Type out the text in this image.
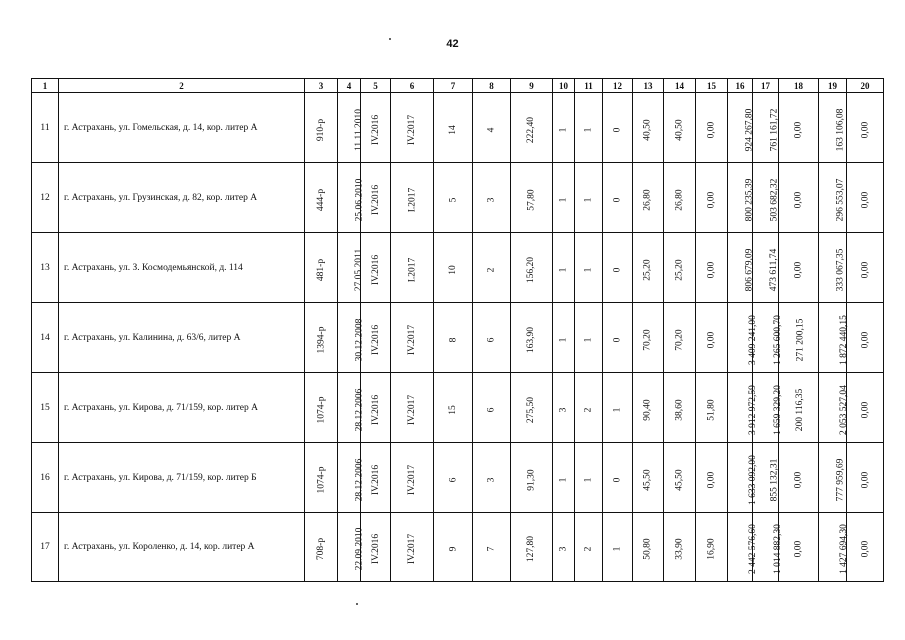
42
1	2	3	4	5	6	7	8	9	10	11	12	13	14	15	16	17	18	19	20
11	г. Астрахань, ул. Гомельская, д. 14, кор. литер А	910-р	11.11.2010	IV.2016	IV.2017	14	4	222,40	1	1	0	40,50	40,50	0,00	924 267,80	761 161,72	0,00	163 106,08	0,00
12	г. Астрахань, ул. Грузинская, д. 82, кор. литер А	444-р	25.06.2010	IV.2016	I.2017	5	3	57,80	1	1	0	26,80	26,80	0,00	800 235,39	503 682,32	0,00	296 553,07	0,00
13	г. Астрахань, ул. З. Космодемьянской, д. 114	481-р	27.05.2011	IV.2016	I.2017	10	2	156,20	1	1	0	25,20	25,20	0,00	806 679,09	473 611,74	0,00	333 067,35	0,00
14	г. Астрахань, ул. Калинина, д. 63/6, литер А	1394-р	30.12.2008	IV.2016	IV.2017	8	6	163,90	1	1	0	70,20	70,20	0,00	3 409 241,00	1 265 600,70	271 200,15	1 872 440,15	0,00
15	г. Астрахань, ул. Кирова, д. 71/159, кор. литер А	1074-р	28.12.2006	IV.2016	IV.2017	15	6	275,50	3	2	1	90,40	38,60	51,80	3 912 972,59	1 659 329,20	200 116,35	2 053 527,04	0,00
16	г. Астрахань, ул. Кирова, д. 71/159, кор. литер Б	1074-р	28.12.2006	IV.2016	IV.2017	6	3	91,30	1	1	0	45,50	45,50	0,00	1 633 092,00	855 132,31	0,00	777 959,69	0,00
17	г. Астрахань, ул. Короленко, д. 14, кор. литер А	708-р	22.09.2010	IV.2016	IV.2017	9	7	127,80	3	2	1	50,80	33,90	16,90	2 442 576,60	1 014 882,30	0,00	1 427 694,30	0,00
